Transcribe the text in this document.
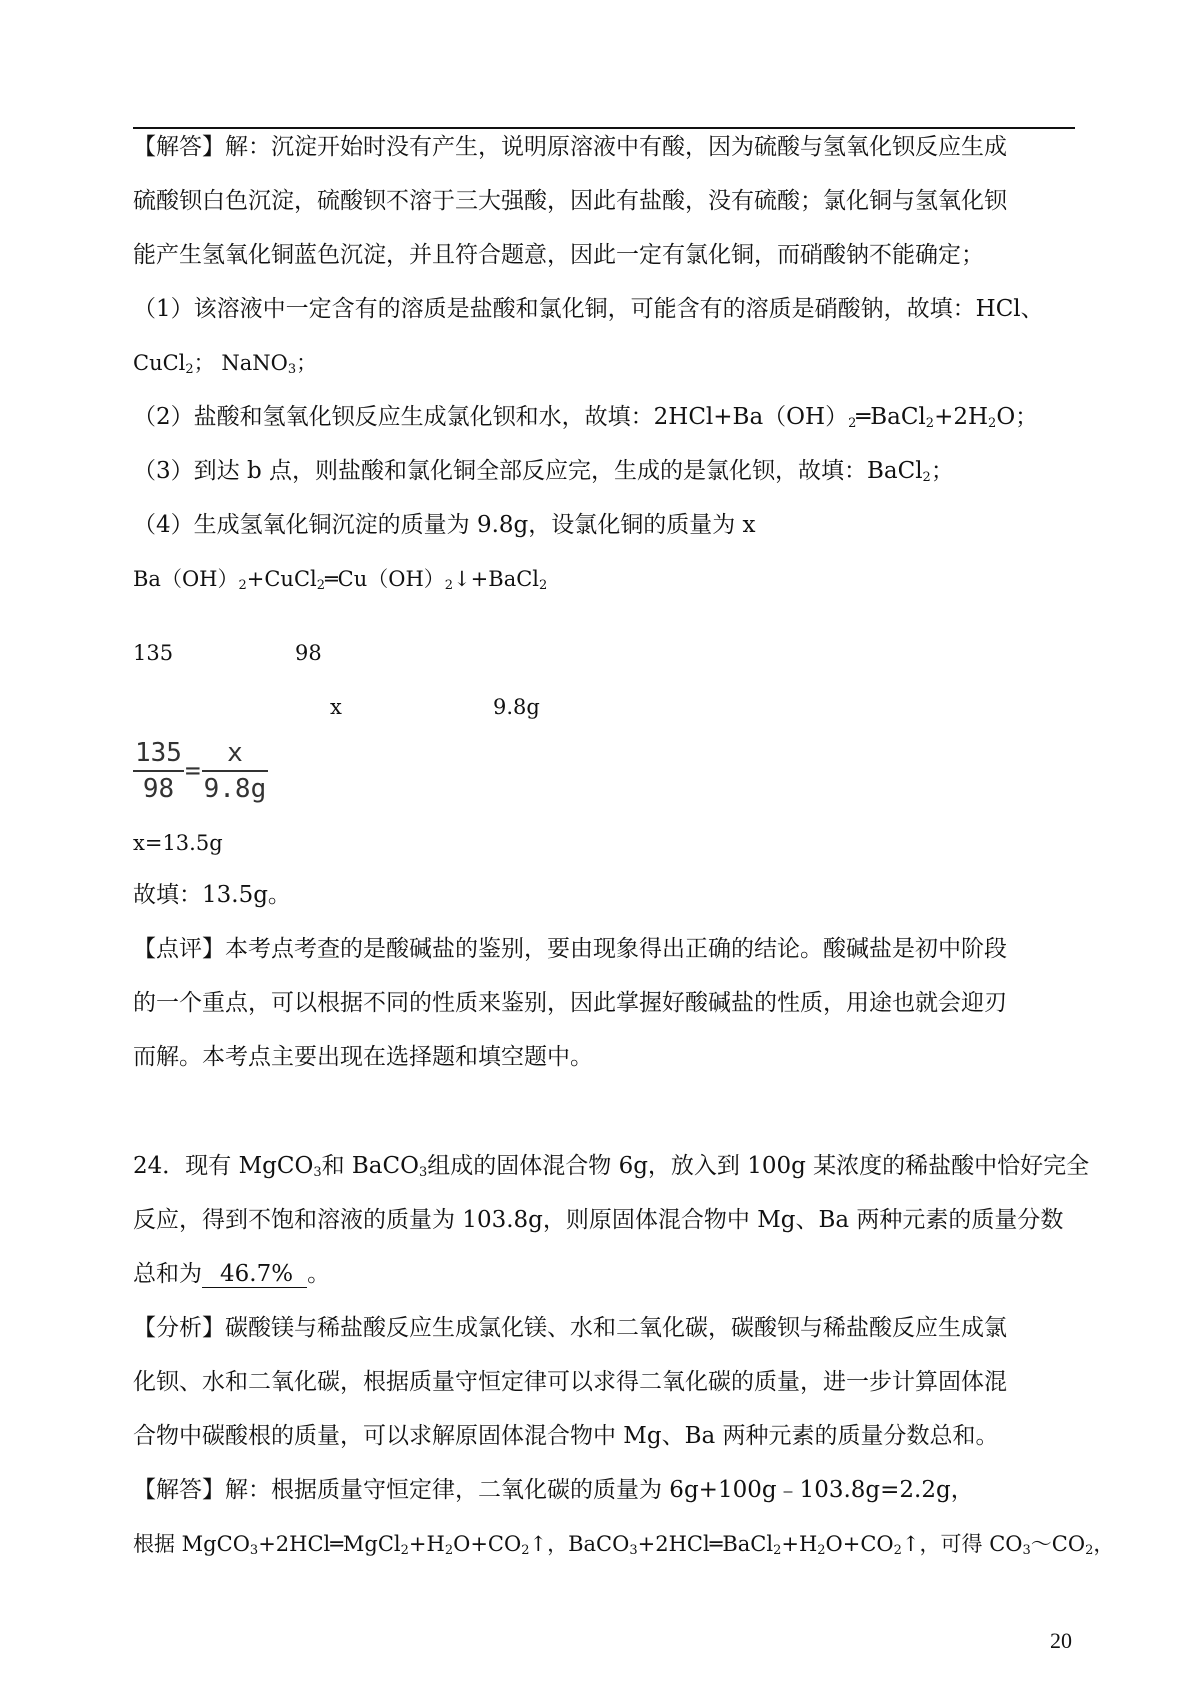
【解答】解：沉淀开始时没有产生，说明原溶液中有酸，因为硫酸与氢氧化钡反应生成
硫酸钡白色沉淀，硫酸钡不溶于三大强酸，因此有盐酸，没有硫酸；氯化铜与氢氧化钡
能产生氢氧化铜蓝色沉淀，并且符合题意，因此一定有氯化铜，而硝酸钠不能确定；
（1）该溶液中一定含有的溶质是盐酸和氯化铜，可能含有的溶质是硝酸钠，故填：HCl、
CuCl$_2$； NaNO$_3$；
（2）盐酸和氢氧化钡反应生成氯化钡和水，故填：$2HCl+Ba(OH)_2═BaCl_2+2H_2O$；
（3）到达 b 点，则盐酸和氯化铜全部反应完，生成的是氯化钡，故填：BaCl$_2$；
（4）生成氢氧化铜沉淀的质量为 9.8g，设氯化铜的质量为 x
$Ba(OH)_2+CuCl_2═Cu(OH)_2↓+BaCl_2$
135	98
x	9.8g
$\frac{135}{98} = \frac{x}{9.8g}$
x=13.5g
故填：13.5g。
【点评】本考点考查的是酸碱盐的鉴别，要由现象得出正确的结论。酸碱盐是初中阶段
的一个重点，可以根据不同的性质来鉴别，因此掌握好酸碱盐的性质，用途也就会迎刃
而解。本考点主要出现在选择题和填空题中。
24．现有 MgCO$_3$和 BaCO$_3$组成的固体混合物 6g，放入到 100g 某浓度的稀盐酸中恰好完全
反应，得到不饱和溶液的质量为 103.8g，则原固体混合物中 Mg、Ba 两种元素的质量分数
总和为 46.7% 。
【分析】碳酸镁与稀盐酸反应生成氯化镁、水和二氧化碳，碳酸钡与稀盐酸反应生成氯
化钡、水和二氧化碳，根据质量守恒定律可以求得二氧化碳的质量，进一步计算固体混
合物中碳酸根的质量，可以求解原固体混合物中 Mg、Ba 两种元素的质量分数总和。
【解答】解：根据质量守恒定律，二氧化碳的质量为 6g+100g﹣103.8g=2.2g，
根据 $MgCO_3+2HCl═MgCl_2+H_2O+CO_2↑$，$BaCO_3+2HCl═BaCl_2+H_2O+CO_2↑$，可得 $CO_3\sim CO_2$，
20
